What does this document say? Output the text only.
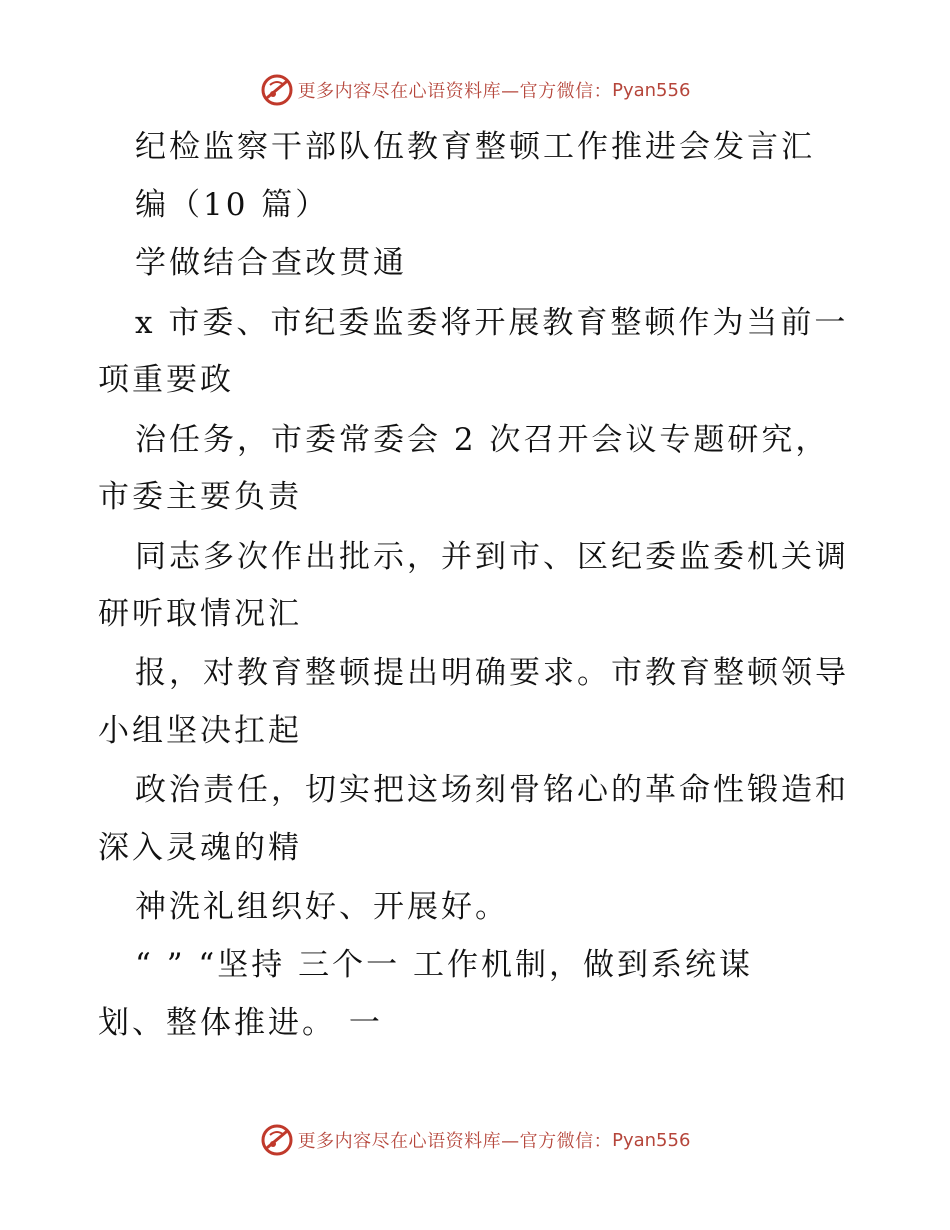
更多内容尽在心语资料库—官方微信： Pyan556
纪检监察干部队伍教育整顿工作推进会发言汇
编（10 篇）
学做结合查改贯通
x 市委、市纪委监委将开展教育整顿作为当前一
项重要政
治任务，市委常委会 2 次召开会议专题研究，
市委主要负责
同志多次作出批示，并到市、区纪委监委机关调
研听取情况汇
报，对教育整顿提出明确要求。市教育整顿领导
小组坚决扛起
政治责任，切实把这场刻骨铭心的革命性锻造和
深入灵魂的精
神洗礼组织好、开展好。
“ ” “坚持 三个一 工作机制，做到系统谋
划、整体推进。 一
更多内容尽在心语资料库—官方微信： Pyan556
